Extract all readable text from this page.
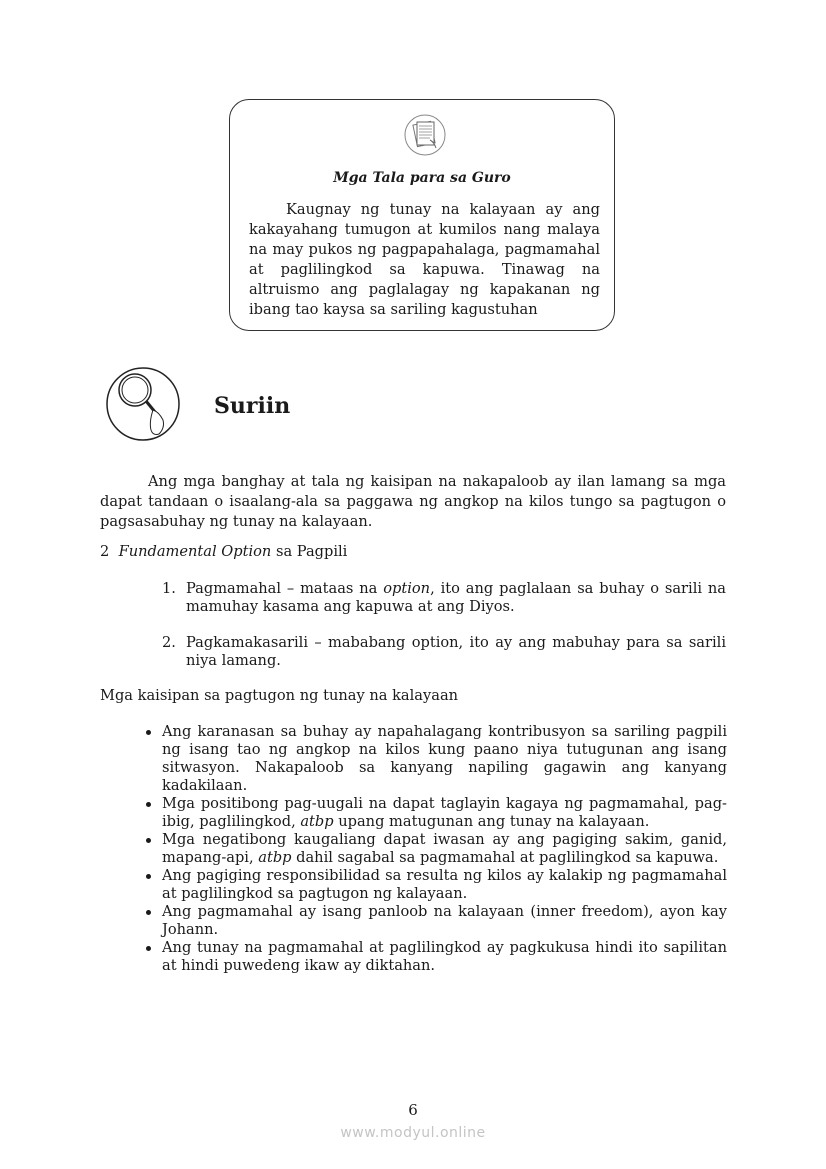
Mga Tala para sa Guro
Kaugnay ng tunay na kalayaan ay ang kakayahang tumugon at kumilos nang malaya na may pukos ng pagpapahalaga, pagmamahal at paglilingkod sa kapuwa. Tinawag na altruismo ang paglalagay ng kapakanan ng ibang tao kaysa sa sariling kagustuhan
Suriin
Ang mga banghay at tala ng kaisipan na nakapaloob ay ilan lamang sa mga dapat tandaan o isaalang-ala sa paggawa ng angkop na kilos tungo sa pagtugon o pagsasabuhay ng tunay na kalayaan.
2 Fundamental Option sa Pagpili
1. Pagmamahal – mataas na option, ito ang paglalaan sa buhay o sarili na mamuhay kasama ang kapuwa at ang Diyos.
2. Pagkamakasarili – mababang option, ito ay ang mabuhay para sa sarili niya lamang.
Mga kaisipan sa pagtugon ng tunay na kalayaan
Ang karanasan sa buhay ay napahalagang kontribusyon sa sariling pagpili ng isang tao ng angkop na kilos kung paano niya tutugunan ang isang sitwasyon. Nakapaloob sa kanyang napiling gagawin ang kanyang kadakilaan.
Mga positibong pag-uugali na dapat taglayin kagaya ng pagmamahal, pag-ibig, paglilingkod, atbp upang matugunan ang tunay na kalayaan.
Mga negatibong kaugaliang dapat iwasan ay ang pagiging sakim, ganid, mapang-api, atbp dahil sagabal sa pagmamahal at paglilingkod sa kapuwa.
Ang pagiging responsibilidad sa resulta ng kilos ay kalakip ng pagmamahal at paglilingkod sa pagtugon ng kalayaan.
Ang pagmamahal ay isang panloob na kalayaan (inner freedom), ayon kay Johann.
Ang tunay na pagmamahal at paglilingkod ay pagkukusa hindi ito sapilitan at hindi puwedeng ikaw ay diktahan.
6
www.modyul.online
